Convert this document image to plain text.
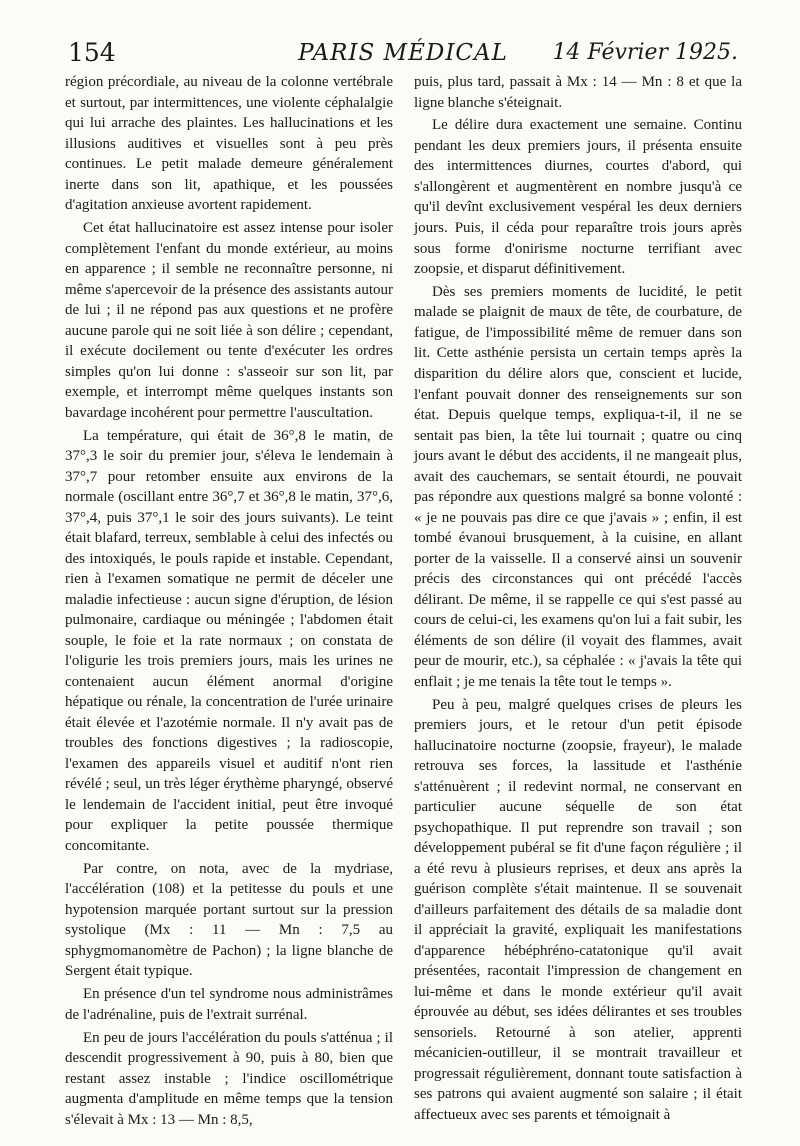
154	PARIS MÉDICAL	14 Février 1925.

région précordiale, au niveau de la colonne vertébrale et surtout, par intermittences, une violente céphalalgie qui lui arrache des plaintes. Les hallucinations et les illusions auditives et visuelles sont à peu près continues. Le petit malade demeure généralement inerte dans son lit, apathique, et les poussées d'agitation anxieuse avortent rapidement.

Cet état hallucinatoire est assez intense pour isoler complètement l'enfant du monde extérieur, au moins en apparence ; il semble ne reconnaître personne, ni même s'apercevoir de la présence des assistants autour de lui ; il ne répond pas aux questions et ne profère aucune parole qui ne soit liée à son délire ; cependant, il exécute docilement ou tente d'exécuter les ordres simples qu'on lui donne : s'asseoir sur son lit, par exemple, et interrompt même quelques instants son bavardage incohérent pour permettre l'auscultation.

La température, qui était de 36°,8 le matin, de 37°,3 le soir du premier jour, s'éleva le lendemain à 37°,7 pour retomber ensuite aux environs de la normale (oscillant entre 36°,7 et 36°,8 le matin, 37°,6, 37°,4, puis 37°,1 le soir des jours suivants). Le teint était blafard, terreux, semblable à celui des infectés ou des intoxiqués, le pouls rapide et instable. Cependant, rien à l'examen somatique ne permit de déceler une maladie infectieuse : aucun signe d'éruption, de lésion pulmonaire, cardiaque ou méningée ; l'abdomen était souple, le foie et la rate normaux ; on constata de l'oligurie les trois premiers jours, mais les urines ne contenaient aucun élément anormal d'origine hépatique ou rénale, la concentration de l'urée urinaire était élevée et l'azotémie normale. Il n'y avait pas de troubles des fonctions digestives ; la radioscopie, l'examen des appareils visuel et auditif n'ont rien révélé ; seul, un très léger érythème pharyngé, observé le lendemain de l'accident initial, peut être invoqué pour expliquer la petite poussée thermique concomitante.

Par contre, on nota, avec de la mydriase, l'accélération (108) et la petitesse du pouls et une hypotension marquée portant surtout sur la pression systolique (Mx : 11 — Mn : 7,5 au sphygmomanomètre de Pachon) ; la ligne blanche de Sergent était typique.

En présence d'un tel syndrome nous administrâmes de l'adrénaline, puis de l'extrait surrénal.

En peu de jours l'accélération du pouls s'atténua ; il descendit progressivement à 90, puis à 80, bien que restant assez instable ; l'indice oscillométrique augmenta d'amplitude en même temps que la tension s'élevait à Mx : 13 — Mn : 8,5,

puis, plus tard, passait à Mx : 14 — Mn : 8 et que la ligne blanche s'éteignait.

Le délire dura exactement une semaine. Continu pendant les deux premiers jours, il présenta ensuite des intermittences diurnes, courtes d'abord, qui s'allongèrent et augmentèrent en nombre jusqu'à ce qu'il devînt exclusivement vespéral les deux derniers jours. Puis, il céda pour reparaître trois jours après sous forme d'onirisme nocturne terrifiant avec zoopsie, et disparut définitivement.

Dès ses premiers moments de lucidité, le petit malade se plaignit de maux de tête, de courbature, de fatigue, de l'impossibilité même de remuer dans son lit. Cette asthénie persista un certain temps après la disparition du délire alors que, conscient et lucide, l'enfant pouvait donner des renseignements sur son état. Depuis quelque temps, expliqua-t-il, il ne se sentait pas bien, la tête lui tournait ; quatre ou cinq jours avant le début des accidents, il ne mangeait plus, avait des cauchemars, se sentait étourdi, ne pouvait pas répondre aux questions malgré sa bonne volonté : « je ne pouvais pas dire ce que j'avais » ; enfin, il est tombé évanoui brusquement, à la cuisine, en allant porter de la vaisselle. Il a conservé ainsi un souvenir précis des circonstances qui ont précédé l'accès délirant. De même, il se rappelle ce qui s'est passé au cours de celui-ci, les examens qu'on lui a fait subir, les éléments de son délire (il voyait des flammes, avait peur de mourir, etc.), sa céphalée : « j'avais la tête qui enflait ; je me tenais la tête tout le temps ».

Peu à peu, malgré quelques crises de pleurs les premiers jours, et le retour d'un petit épisode hallucinatoire nocturne (zoopsie, frayeur), le malade retrouva ses forces, la lassitude et l'asthénie s'atténuèrent ; il redevint normal, ne conservant en particulier aucune séquelle de son état psychopathique. Il put reprendre son travail ; son développement pubéral se fit d'une façon régulière ; il a été revu à plusieurs reprises, et deux ans après la guérison complète s'était maintenue. Il se souvenait d'ailleurs parfaitement des détails de sa maladie dont il appréciait la gravité, expliquait les manifestations d'apparence hébéphréno-catatonique qu'il avait présentées, racontait l'impression de changement en lui-même et dans le monde extérieur qu'il avait éprouvée au début, ses idées délirantes et ses troubles sensoriels. Retourné à son atelier, apprenti mécanicien-outilleur, il se montrait travailleur et progressait régulièrement, donnant toute satisfaction à ses patrons qui avaient augmenté son salaire ; il était affectueux avec ses parents et témoignait à
